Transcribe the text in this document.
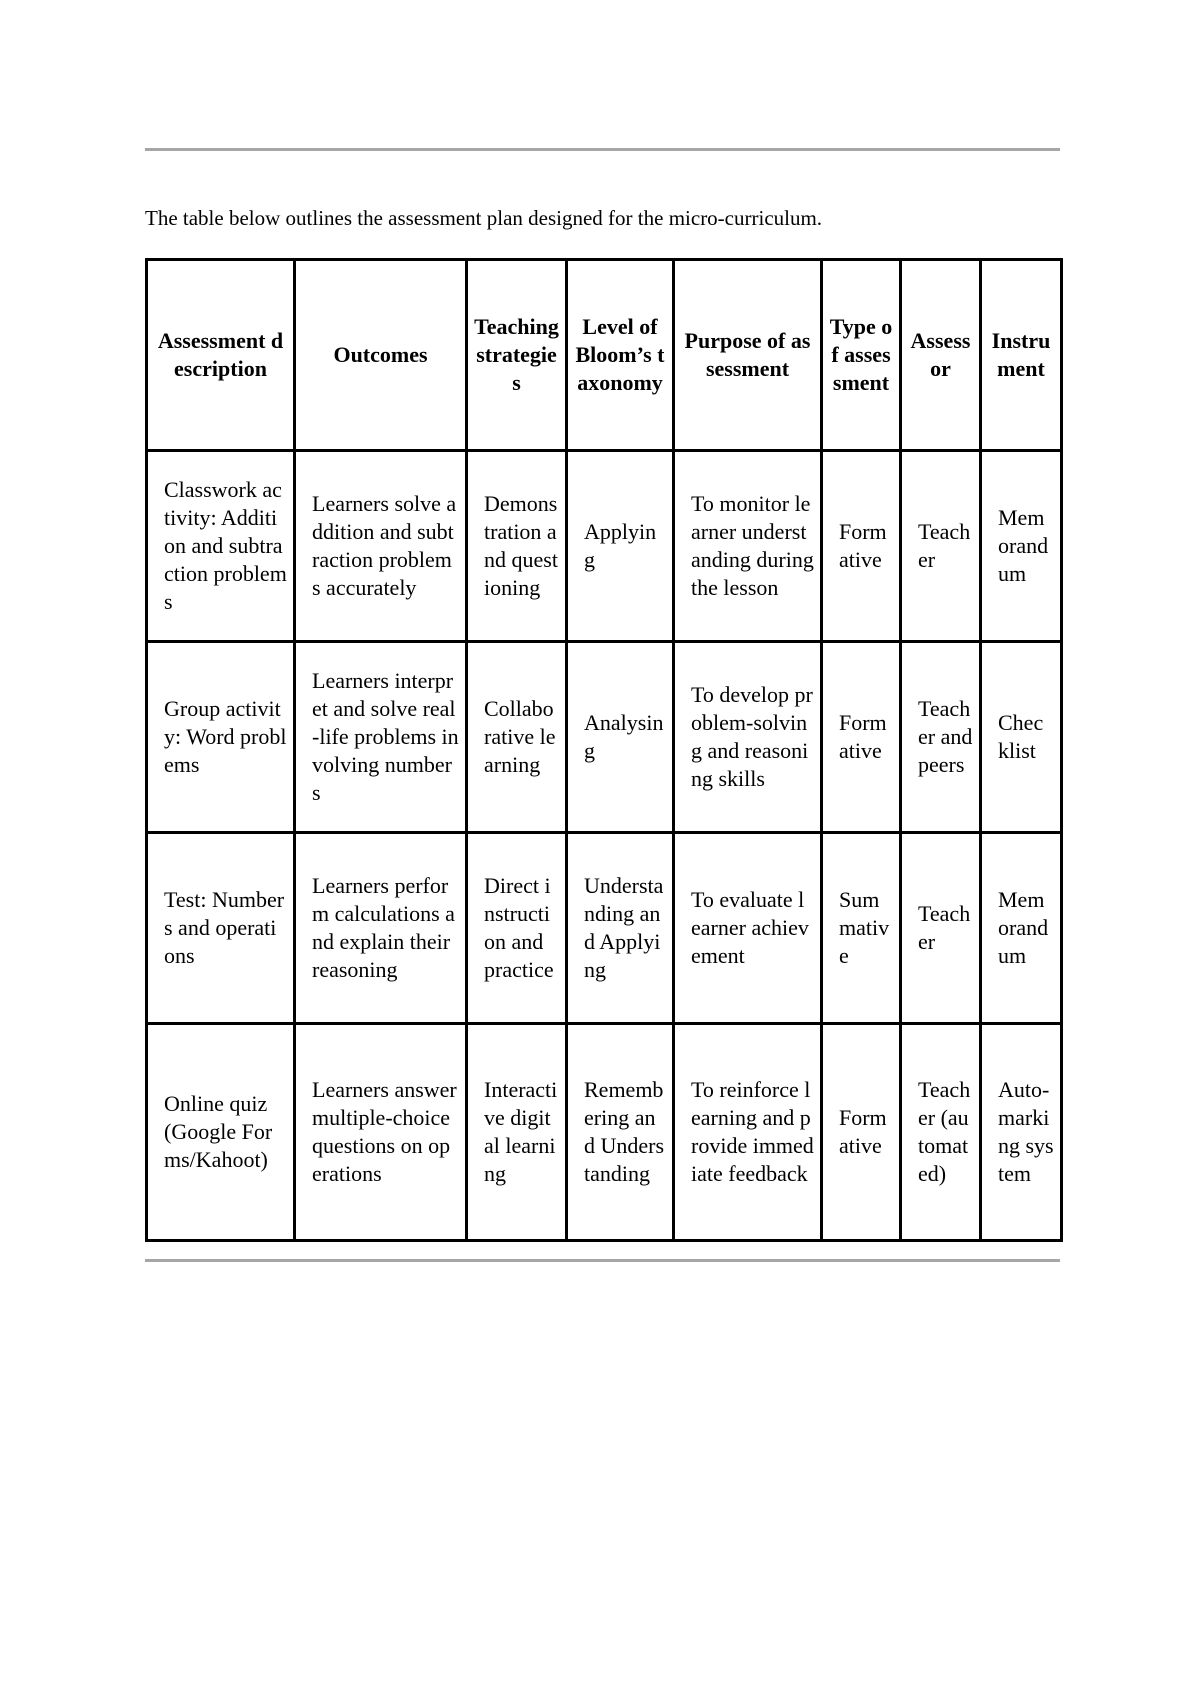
The table below outlines the assessment plan designed for the micro-curriculum.

Assessment description	Outcomes	Teaching strategies	Level of Bloom’s taxonomy	Purpose of assessment	Type of assessment	Assessor	Instrument
Classwork activity: Addition and subtraction problems	Learners solve addition and subtraction problems accurately	Demonstration and questioning	Applying	To monitor learner understanding during the lesson	Formative	Teacher	Memorandum
Group activity: Word problems	Learners interpret and solve real-life problems involving numbers	Collaborative learning	Analysing	To develop problem-solving and reasoning skills	Formative	Teacher and peers	Checklist
Test: Numbers and operations	Learners perform calculations and explain their reasoning	Direct instruction and practice	Understanding and Applying	To evaluate learner achievement	Summative	Teacher	Memorandum
Online quiz (Google Forms/Kahoot)	Learners answer multiple-choice questions on operations	Interactive digital learning	Remembering and Understanding	To reinforce learning and provide immediate feedback	Formative	Teacher (automated)	Auto-marking system
